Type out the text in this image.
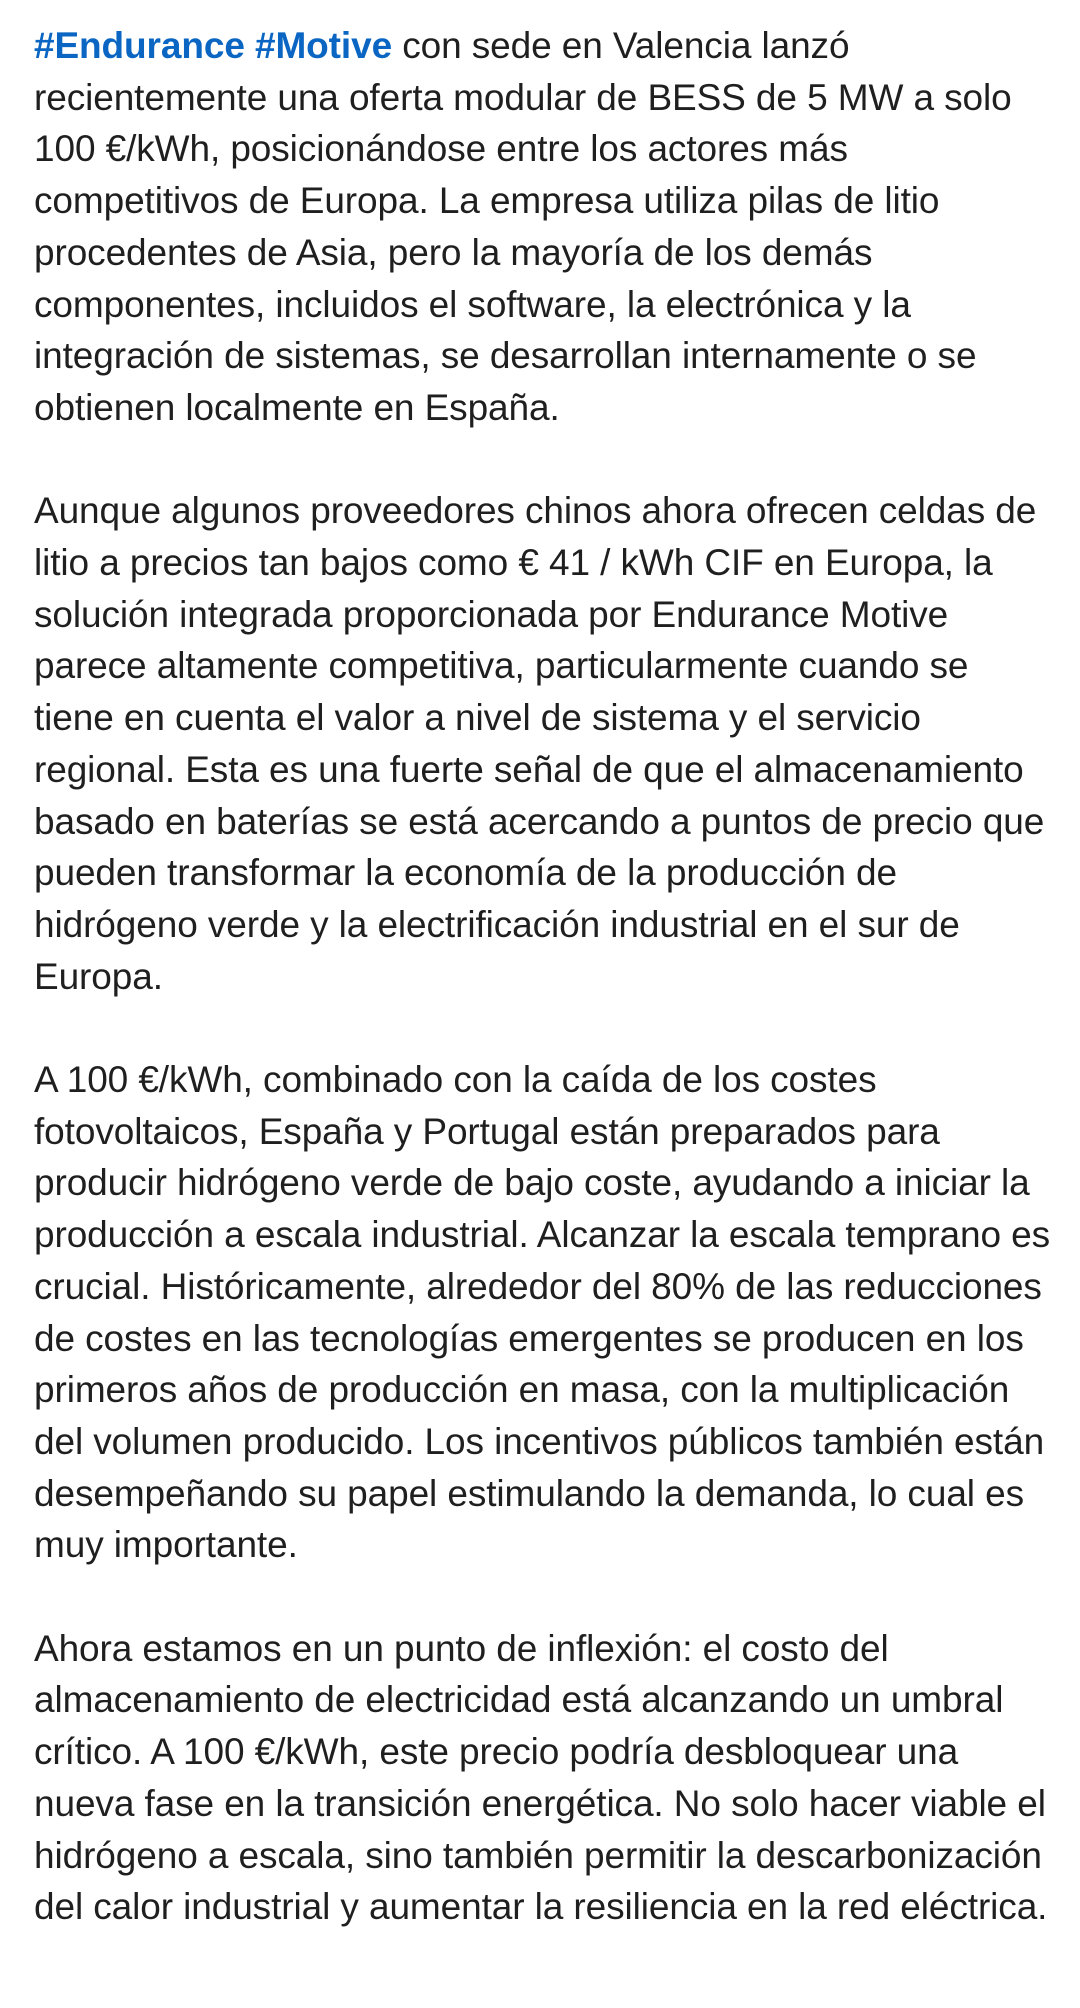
#Endurance #Motive con sede en Valencia lanzó recientemente una oferta modular de BESS de 5 MW a solo 100 €/kWh, posicionándose entre los actores más competitivos de Europa. La empresa utiliza pilas de litio procedentes de Asia, pero la mayoría de los demás componentes, incluidos el software, la electrónica y la integración de sistemas, se desarrollan internamente o se obtienen localmente en España.

Aunque algunos proveedores chinos ahora ofrecen celdas de litio a precios tan bajos como € 41 / kWh CIF en Europa, la solución integrada proporcionada por Endurance Motive parece altamente competitiva, particularmente cuando se tiene en cuenta el valor a nivel de sistema y el servicio regional. Esta es una fuerte señal de que el almacenamiento basado en baterías se está acercando a puntos de precio que pueden transformar la economía de la producción de hidrógeno verde y la electrificación industrial en el sur de Europa.

A 100 €/kWh, combinado con la caída de los costes fotovoltaicos, España y Portugal están preparados para producir hidrógeno verde de bajo coste, ayudando a iniciar la producción a escala industrial. Alcanzar la escala temprano es crucial. Históricamente, alrededor del 80% de las reducciones de costes en las tecnologías emergentes se producen en los primeros años de producción en masa, con la multiplicación del volumen producido. Los incentivos públicos también están desempeñando su papel estimulando la demanda, lo cual es muy importante.

Ahora estamos en un punto de inflexión: el costo del almacenamiento de electricidad está alcanzando un umbral crítico. A 100 €/kWh, este precio podría desbloquear una nueva fase en la transición energética. No solo hacer viable el hidrógeno a escala, sino también permitir la descarbonización del calor industrial y aumentar la resiliencia en la red eléctrica.
